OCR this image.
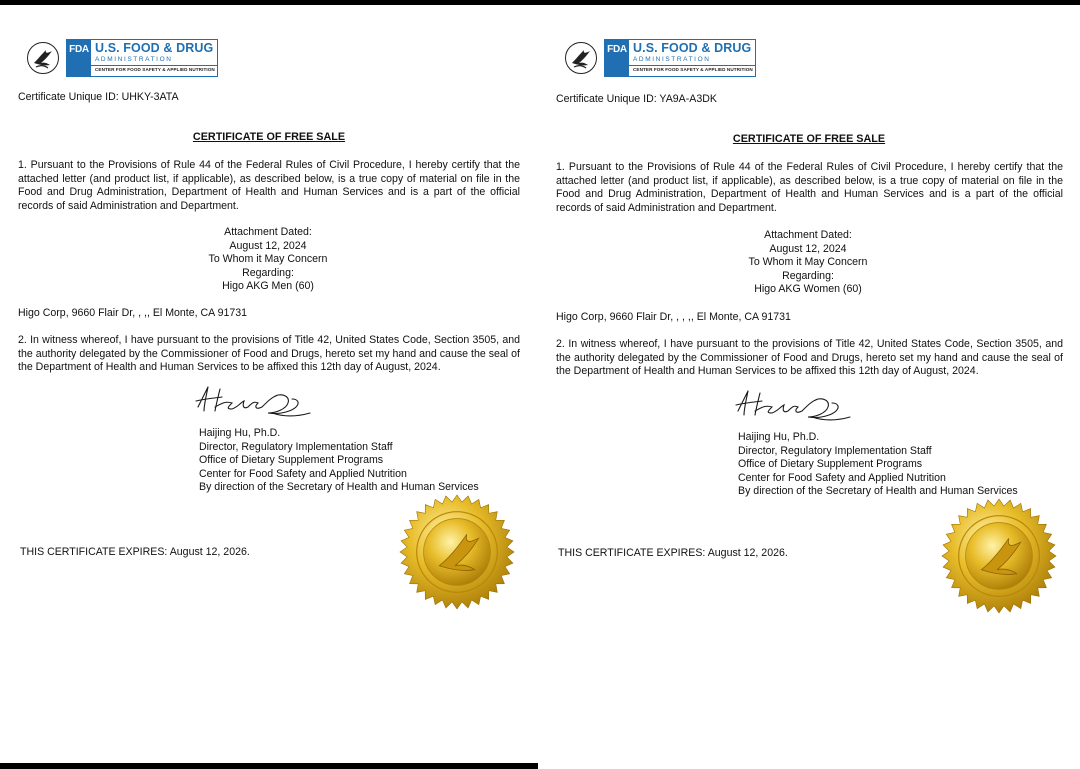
FDA U.S. FOOD & DRUG
ADMINISTRATION
CENTER FOR FOOD SAFETY & APPLIED NUTRITION
Certificate Unique ID: UHKY-3ATA
CERTIFICATE OF FREE SALE
1. Pursuant to the Provisions of Rule 44 of the Federal Rules of Civil Procedure, I hereby certify that the attached letter (and product list, if applicable), as described below, is a true copy of material on file in the Food and Drug Administration, Department of Health and Human Services and is a part of the official records of said Administration and Department.
Attachment Dated:
August 12, 2024
To Whom it May Concern
Regarding:
Higo AKG Men (60)
Higo Corp, 9660 Flair Dr, , ,, El Monte, CA 91731
2. In witness whereof, I have pursuant to the provisions of Title 42, United States Code, Section 3505, and the authority delegated by the Commissioner of Food and Drugs, hereto set my hand and cause the seal of the Department of Health and Human Services to be affixed this 12th day of August, 2024.
Haijing Hu, Ph.D.
Director, Regulatory Implementation Staff
Office of Dietary Supplement Programs
Center for Food Safety and Applied Nutrition
By direction of the Secretary of Health and Human Services
THIS CERTIFICATE EXPIRES: August 12, 2026.
FDA U.S. FOOD & DRUG
ADMINISTRATION
CENTER FOR FOOD SAFETY & APPLIED NUTRITION
Certificate Unique ID: YA9A-A3DK
CERTIFICATE OF FREE SALE
1. Pursuant to the Provisions of Rule 44 of the Federal Rules of Civil Procedure, I hereby certify that the attached letter (and product list, if applicable), as described below, is a true copy of material on file in the Food and Drug Administration, Department of Health and Human Services and is a part of the official records of said Administration and Department.
Attachment Dated:
August 12, 2024
To Whom it May Concern
Regarding:
Higo AKG Women (60)
Higo Corp, 9660 Flair Dr, , , ,, El Monte, CA 91731
2. In witness whereof, I have pursuant to the provisions of Title 42, United States Code, Section 3505, and the authority delegated by the Commissioner of Food and Drugs, hereto set my hand and cause the seal of the Department of Health and Human Services to be affixed this 12th day of August, 2024.
Haijing Hu, Ph.D.
Director, Regulatory Implementation Staff
Office of Dietary Supplement Programs
Center for Food Safety and Applied Nutrition
By direction of the Secretary of Health and Human Services
THIS CERTIFICATE EXPIRES: August 12, 2026.
